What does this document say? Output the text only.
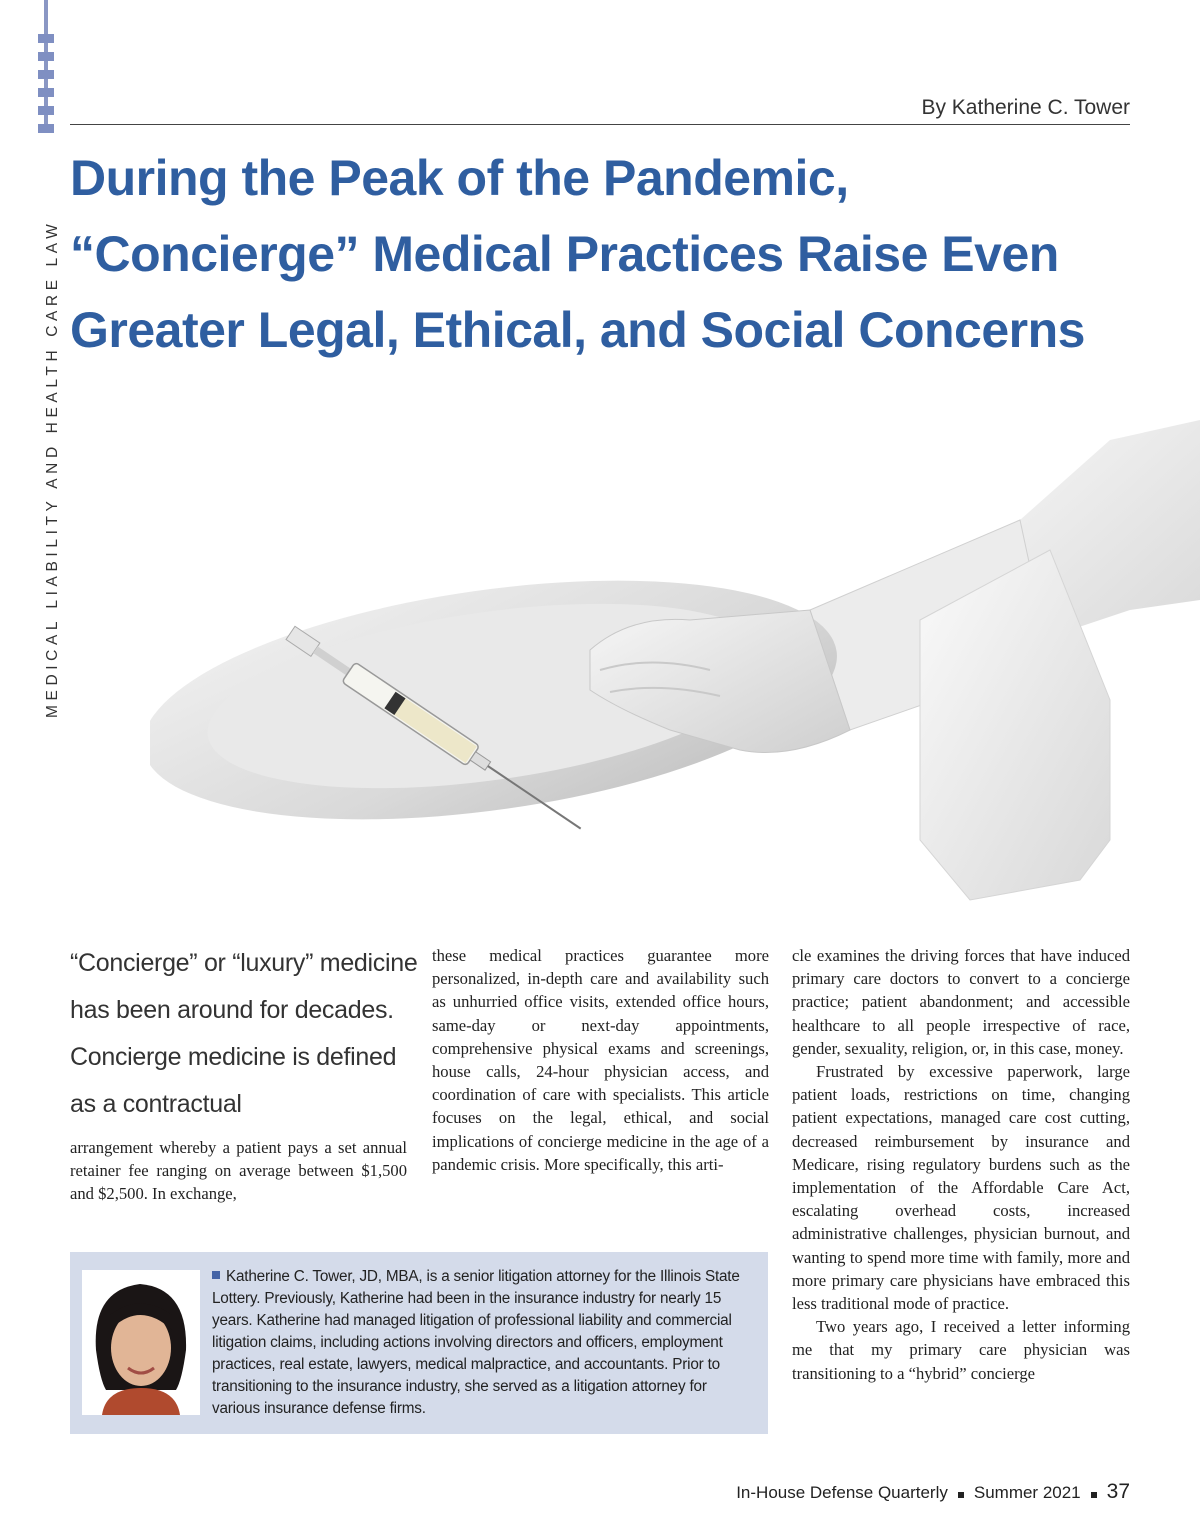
MEDICAL LIABILITY AND HEALTH CARE LAW
By Katherine C. Tower
During the Peak of the Pandemic,
“Concierge” Medical Practices Raise Even
Greater Legal, Ethical, and Social Concerns
“Concierge” or “luxury” medicine has been around for decades. Concierge medicine is defined as a contractual
arrangement whereby a patient pays a set annual retainer fee ranging on average between $1,500 and $2,500. In exchange,
these medical practices guarantee more personalized, in-depth care and availability such as unhurried office visits, extended office hours, same-day or next-day appointments, comprehensive physical exams and screenings, house calls, 24-hour physician access, and coordination of care with specialists. This article focuses on the legal, ethical, and social implications of concierge medicine in the age of a pandemic crisis. More specifically, this arti-

cle examines the driving forces that have induced primary care doctors to convert to a concierge practice; patient abandonment; and accessible healthcare to all people irrespective of race, gender, sexuality, religion, or, in this case, money.

Frustrated by excessive paperwork, large patient loads, restrictions on time, changing patient expectations, managed care cost cutting, decreased reimbursement by insurance and Medicare, rising regulatory burdens such as the implementation of the Affordable Care Act, escalating overhead costs, increased administrative challenges, physician burnout, and wanting to spend more time with family, more and more primary care physicians have embraced this less traditional mode of practice.

Two years ago, I received a letter informing me that my primary care physician was transitioning to a “hybrid” concierge

Katherine C. Tower, JD, MBA, is a senior litigation attorney for the Illinois State Lottery. Previously, Katherine had been in the insurance industry for nearly 15 years. Katherine had managed litigation of professional liability and commercial litigation claims, including actions involving directors and officers, employment practices, real estate, lawyers, medical malpractice, and accountants. Prior to transitioning to the insurance industry, she served as a litigation attorney for various insurance defense firms.
In-House Defense Quarterly Summer 2021 37
